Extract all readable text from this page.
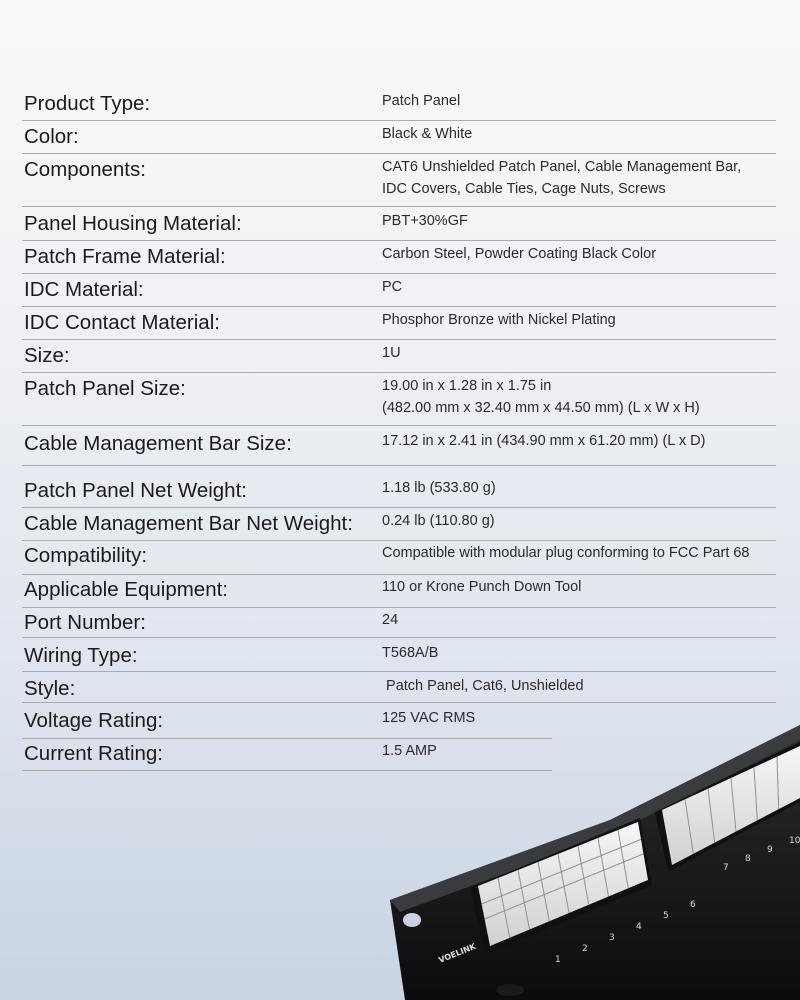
Product Type:	Patch Panel
Color:	Black & White
Components:	CAT6 Unshielded Patch Panel, Cable Management Bar,
IDC Covers, Cable Ties, Cage Nuts, Screws
Panel Housing Material:	PBT+30%GF
Patch Frame Material:	Carbon Steel, Powder Coating Black Color
IDC Material:	PC
IDC Contact Material:	Phosphor Bronze with Nickel Plating
Size:	1U
Patch Panel Size:	19.00 in x 1.28 in x 1.75 in
(482.00 mm x 32.40 mm x 44.50 mm) (L x W x H)
Cable Management Bar Size:	17.12 in x 2.41 in (434.90 mm x 61.20 mm) (L x D)
Patch Panel Net Weight:	1.18 lb (533.80 g)
Cable Management Bar Net Weight: 0.24 lb (110.80 g)
Compatibility:	Compatible with modular plug conforming to FCC Part 68
Applicable Equipment:	110 or Krone Punch Down Tool
Port Number:	24
Wiring Type:	T568A/B
Style:	Patch Panel, Cat6, Unshielded
Voltage Rating:	125 VAC RMS
Current Rating:	1.5 AMP
1
2
3
4
5
6
7
8
9
10
VOELINK
